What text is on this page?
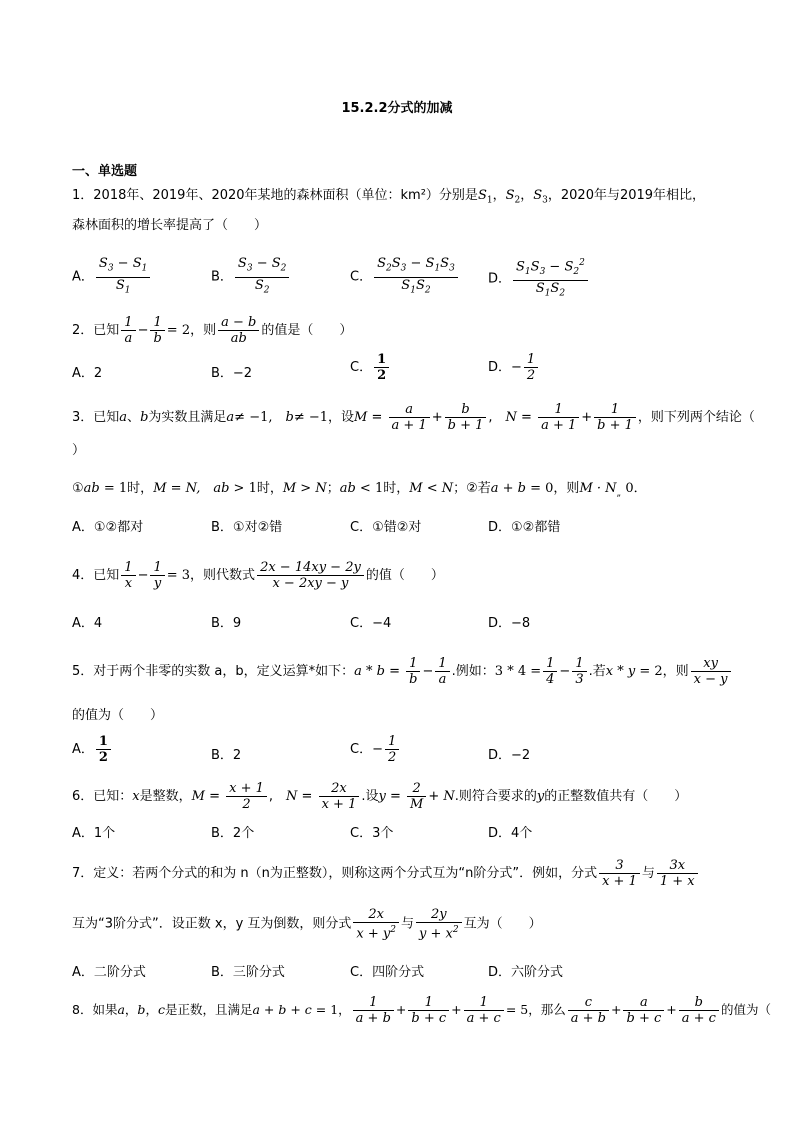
15.2.2分式的加减
一、单选题
1．2018年、2019年、2020年某地的森林面积（单位：km²）分别是$S_1$，$S_2$，$S_3$，2020年与2019年相比，
森林面积的增长率提高了（　　）
A． $\frac{S_3 - S_1}{S_1}$	B． $\frac{S_3 - S_2}{S_2}$	C． $\frac{S_2S_3 - S_1S_3}{S_1S_2}$ D． $\frac{S_1S_3 - S_2^2}{S_1S_2}$
2．已知 $\frac{1}{a} - \frac{1}{b} = 2$，则 $\frac{a - b}{ab}$ 的值是（　　）
A．2	B．−2	C． $\frac{1}{2}$	D．− $\frac{1}{2}$
3．已知a、b为实数且满足a≠ −1,　b≠ −1，设$M = \frac{a}{a + 1} + \frac{b}{b + 1}$ ,　$N = \frac{1}{a + 1} + \frac{1}{b + 1}$ ，则下列两个结论（
）
①ab = 1时，M = N,　ab > 1时，M > N；ab < 1时，M < N；②若a + b = 0，则$M \cdot N_„$ 0．
A．①②都对	B．①对②错	C．①错②对	D．①②都错
4．已知 $\frac{1}{x} - \frac{1}{y} = 3$，则代数式 $\frac{2x - 14xy - 2y}{x - 2xy - y}$ 的值（　　）
A．4	B．9	C．−4	D．−8
5．对于两个非零的实数 a，b，定义运算*如下：$a * b = \frac{1}{b} - \frac{1}{a}$ .例如：$3 * 4 = \frac{1}{4} - \frac{1}{3}$ .若x * y = 2，则 $\frac{xy}{x - y}$
的值为（　　）
A． $\frac{1}{2}$	B．2	C．− $\frac{1}{2}$	D．−2
6．已知：x是整数，$M = \frac{x + 1}{2}$ ,　$N = \frac{2x}{x + 1}$ .设$y = \frac{2}{M} + N$.则符合要求的y的正整数值共有（　　）
A．1个	B．2个	C．3个	D．4个
7．定义：若两个分式的和为 n（n为正整数），则称这两个分式互为“n阶分式”．例如，分式 $\frac{3}{x + 1}$ 与 $\frac{3x}{1 + x}$
互为“3阶分式”．设正数 x，y 互为倒数，则分式 $\frac{2x}{x + y^2}$ 与 $\frac{2y}{y + x^2}$ 互为（　　）
A．二阶分式	B．三阶分式	C．四阶分式	D．六阶分式
8．如果a，b，c是正数，且满足a + b + c = 1， $\frac{1}{a + b} + \frac{1}{b + c} + \frac{1}{a + c} = 5$，那么 $\frac{c}{a + b} + \frac{a}{b + c} + \frac{b}{a + c}$ 的值为（
